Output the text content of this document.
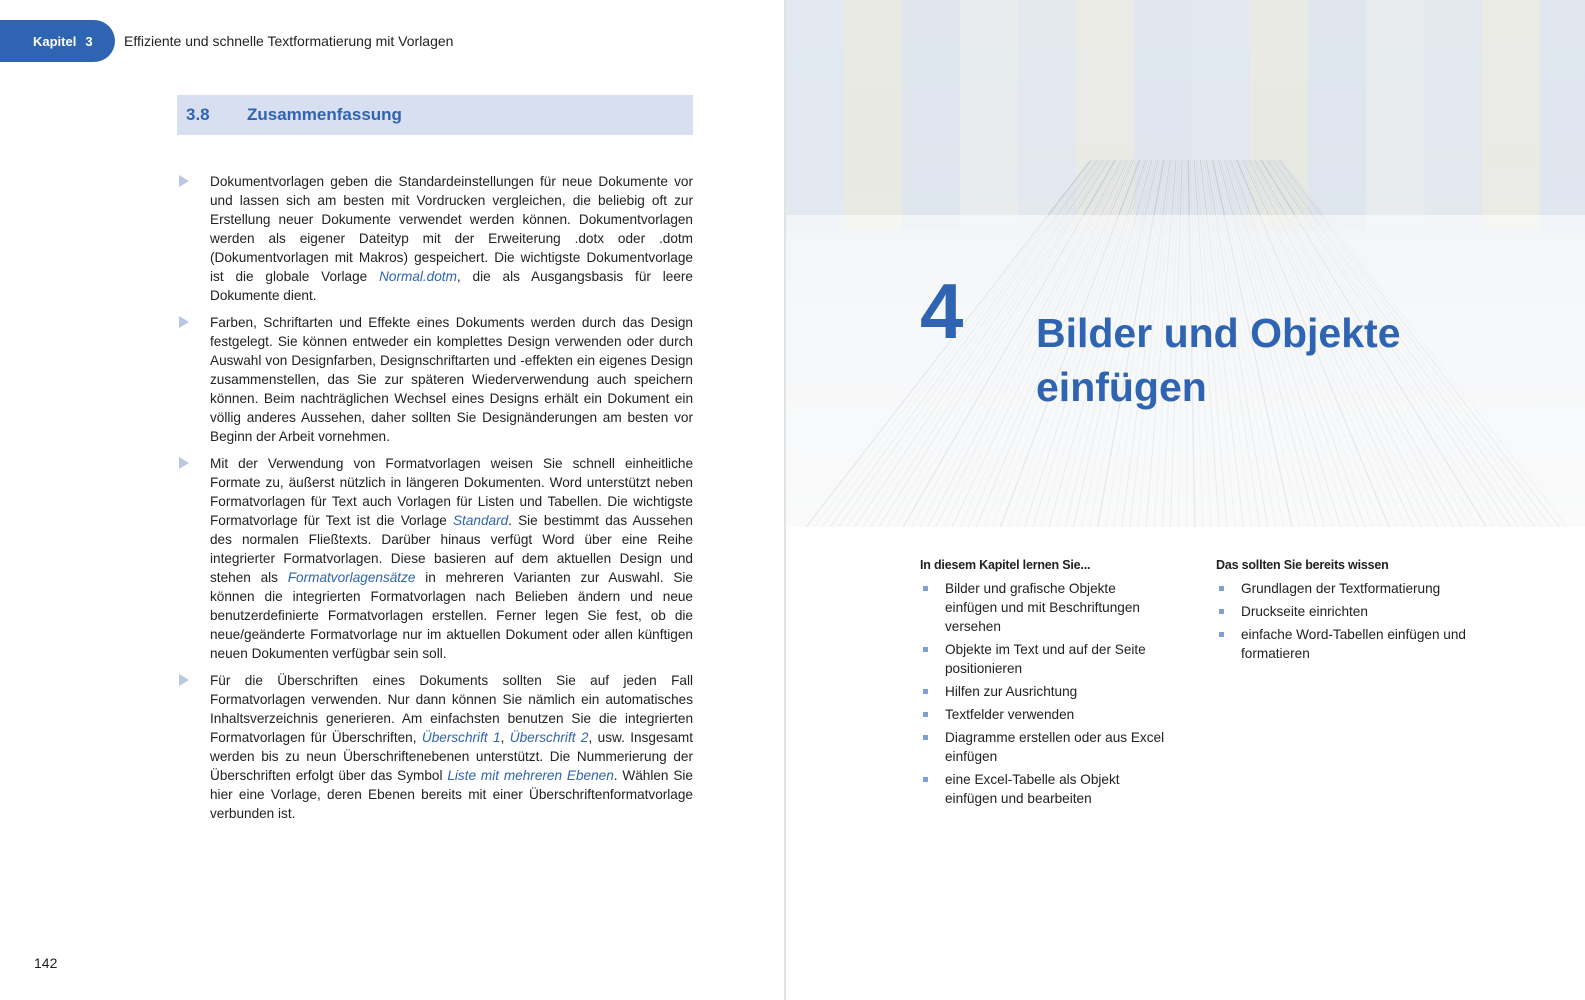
Kapitel 3 Effiziente und schnelle Textformatierung mit Vorlagen
3.8 Zusammenfassung

Dokumentvorlagen geben die Standardeinstellungen für neue Dokumente vor und lassen sich am besten mit Vordrucken vergleichen, die beliebig oft zur Erstellung neuer Dokumente verwendet werden können. Dokumentvorlagen werden als eigener Dateityp mit der Erweiterung .dotx oder .dotm (Dokumentvorlagen mit Makros) gespeichert. Die wichtigste Dokumentvorlage ist die globale Vorlage Normal.dotm, die als Ausgangsbasis für leere Dokumente dient.

Farben, Schriftarten und Effekte eines Dokuments werden durch das Design festgelegt. Sie können entweder ein komplettes Design verwenden oder durch Auswahl von Designfarben, Designschriftarten und -effekten ein eigenes Design zusammenstellen, das Sie zur späteren Wiederverwendung auch speichern können. Beim nachträglichen Wechsel eines Designs erhält ein Dokument ein völlig anderes Aussehen, daher sollten Sie Designänderungen am besten vor Beginn der Arbeit vornehmen.

Mit der Verwendung von Formatvorlagen weisen Sie schnell einheitliche Formate zu, äußerst nützlich in längeren Dokumenten. Word unterstützt neben Formatvorlagen für Text auch Vorlagen für Listen und Tabellen. Die wichtigste Formatvorlage für Text ist die Vorlage Standard. Sie bestimmt das Aussehen des normalen Fließtexts. Darüber hinaus verfügt Word über eine Reihe integrierter Formatvorlagen. Diese basieren auf dem aktuellen Design und stehen als Formatvorlagensätze in mehreren Varianten zur Auswahl. Sie können die integrierten Formatvorlagen nach Belieben ändern und neue benutzerdefinierte Formatvorlagen erstellen. Ferner legen Sie fest, ob die neue/geänderte Formatvorlage nur im aktuellen Dokument oder allen künftigen neuen Dokumenten verfügbar sein soll.

Für die Überschriften eines Dokuments sollten Sie auf jeden Fall Formatvorlagen verwenden. Nur dann können Sie nämlich ein automatisches Inhaltsverzeichnis generieren. Am einfachsten benutzen Sie die integrierten Formatvorlagen für Überschriften, Überschrift 1, Überschrift 2, usw. Insgesamt werden bis zu neun Überschriftenebenen unterstützt. Die Nummerierung der Überschriften erfolgt über das Symbol Liste mit mehreren Ebenen. Wählen Sie hier eine Vorlage, deren Ebenen bereits mit einer Überschriftenformatvorlage verbunden ist.

142
4 Bilder und Objekte
einfügen
In diesem Kapitel lernen Sie...
Bilder und grafische Objekte einfügen und mit Beschriftungen versehen
Objekte im Text und auf der Seite positionieren
Hilfen zur Ausrichtung
Textfelder verwenden
Diagramme erstellen oder aus Excel einfügen
eine Excel-Tabelle als Objekt einfügen und bearbeiten
Das sollten Sie bereits wissen
Grundlagen der Textformatierung
Druckseite einrichten
einfache Word-Tabellen einfügen und formatieren
